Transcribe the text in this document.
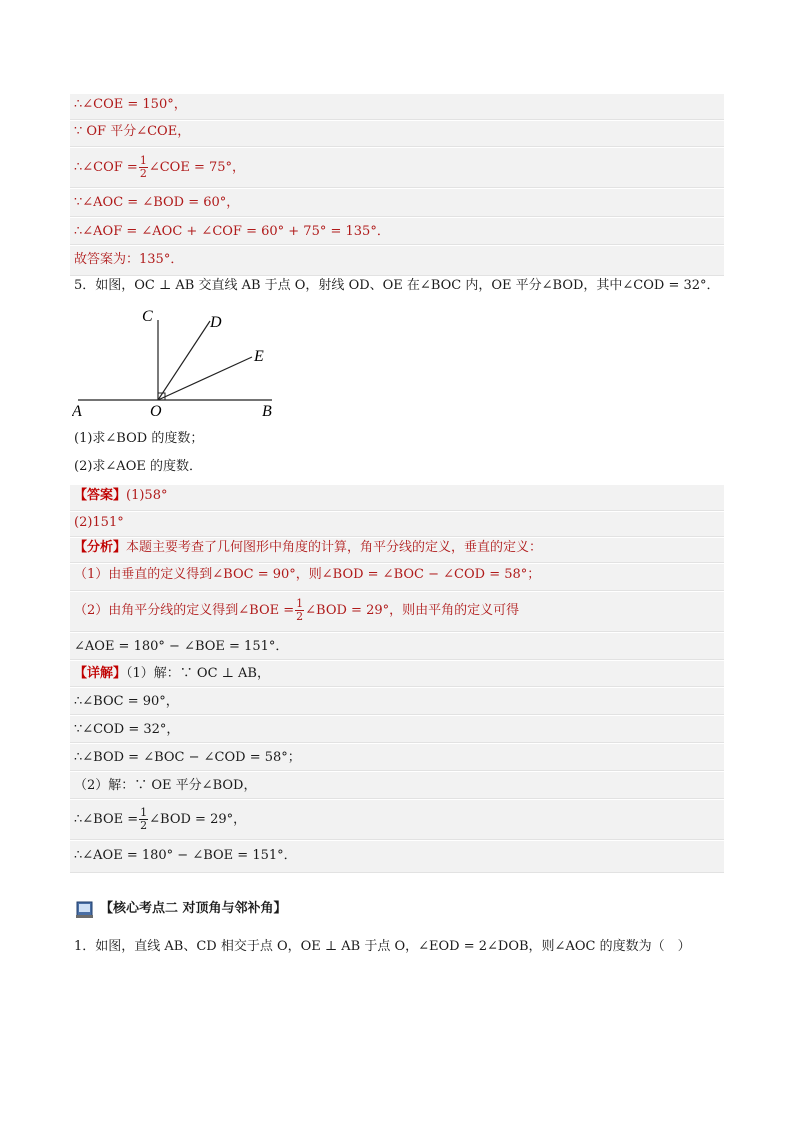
∴∠COE = 150°，
∵ OF 平分∠COE，
∴∠COF = $\frac{1}{2}$ ∠COE = 75°，
∵∠AOC = ∠BOD = 60°，
∴∠AOF = ∠AOC + ∠COF = 60° + 75° = 135°．
故答案为：135°．
5．如图，OC ⊥ AB 交直线 AB 于点 O，射线 OD、OE 在∠BOC 内，OE 平分∠BOD，其中∠COD = 32°．
C	D
E
A	O	B
(1)求∠BOD 的度数；
(2)求∠AOE 的度数．
【答案】(1)58°
(2)151°
【分析】本题主要考查了几何图形中角度的计算，角平分线的定义，垂直的定义：
（1）由垂直的定义得到∠BOC = 90°，则∠BOD = ∠BOC − ∠COD = 58°；
（2）由角平分线的定义得到∠BOE = $\frac{1}{2}$ ∠BOD = 29°，则由平角的定义可得
∠AOE = 180° − ∠BOE = 151°．
【详解】（1）解：∵ OC ⊥ AB，
∴∠BOC = 90°，
∵∠COD = 32°，
∴∠BOD = ∠BOC − ∠COD = 58°；
（2）解：∵ OE 平分∠BOD，
∴∠BOE = $\frac{1}{2}$ ∠BOD = 29°，
∴∠AOE = 180° − ∠BOE = 151°．
【核心考点二 对顶角与邻补角】
1．如图，直线 AB、CD 相交于点 O，OE ⊥ AB 于点 O，∠EOD = 2∠DOB，则∠AOC 的度数为（　）
